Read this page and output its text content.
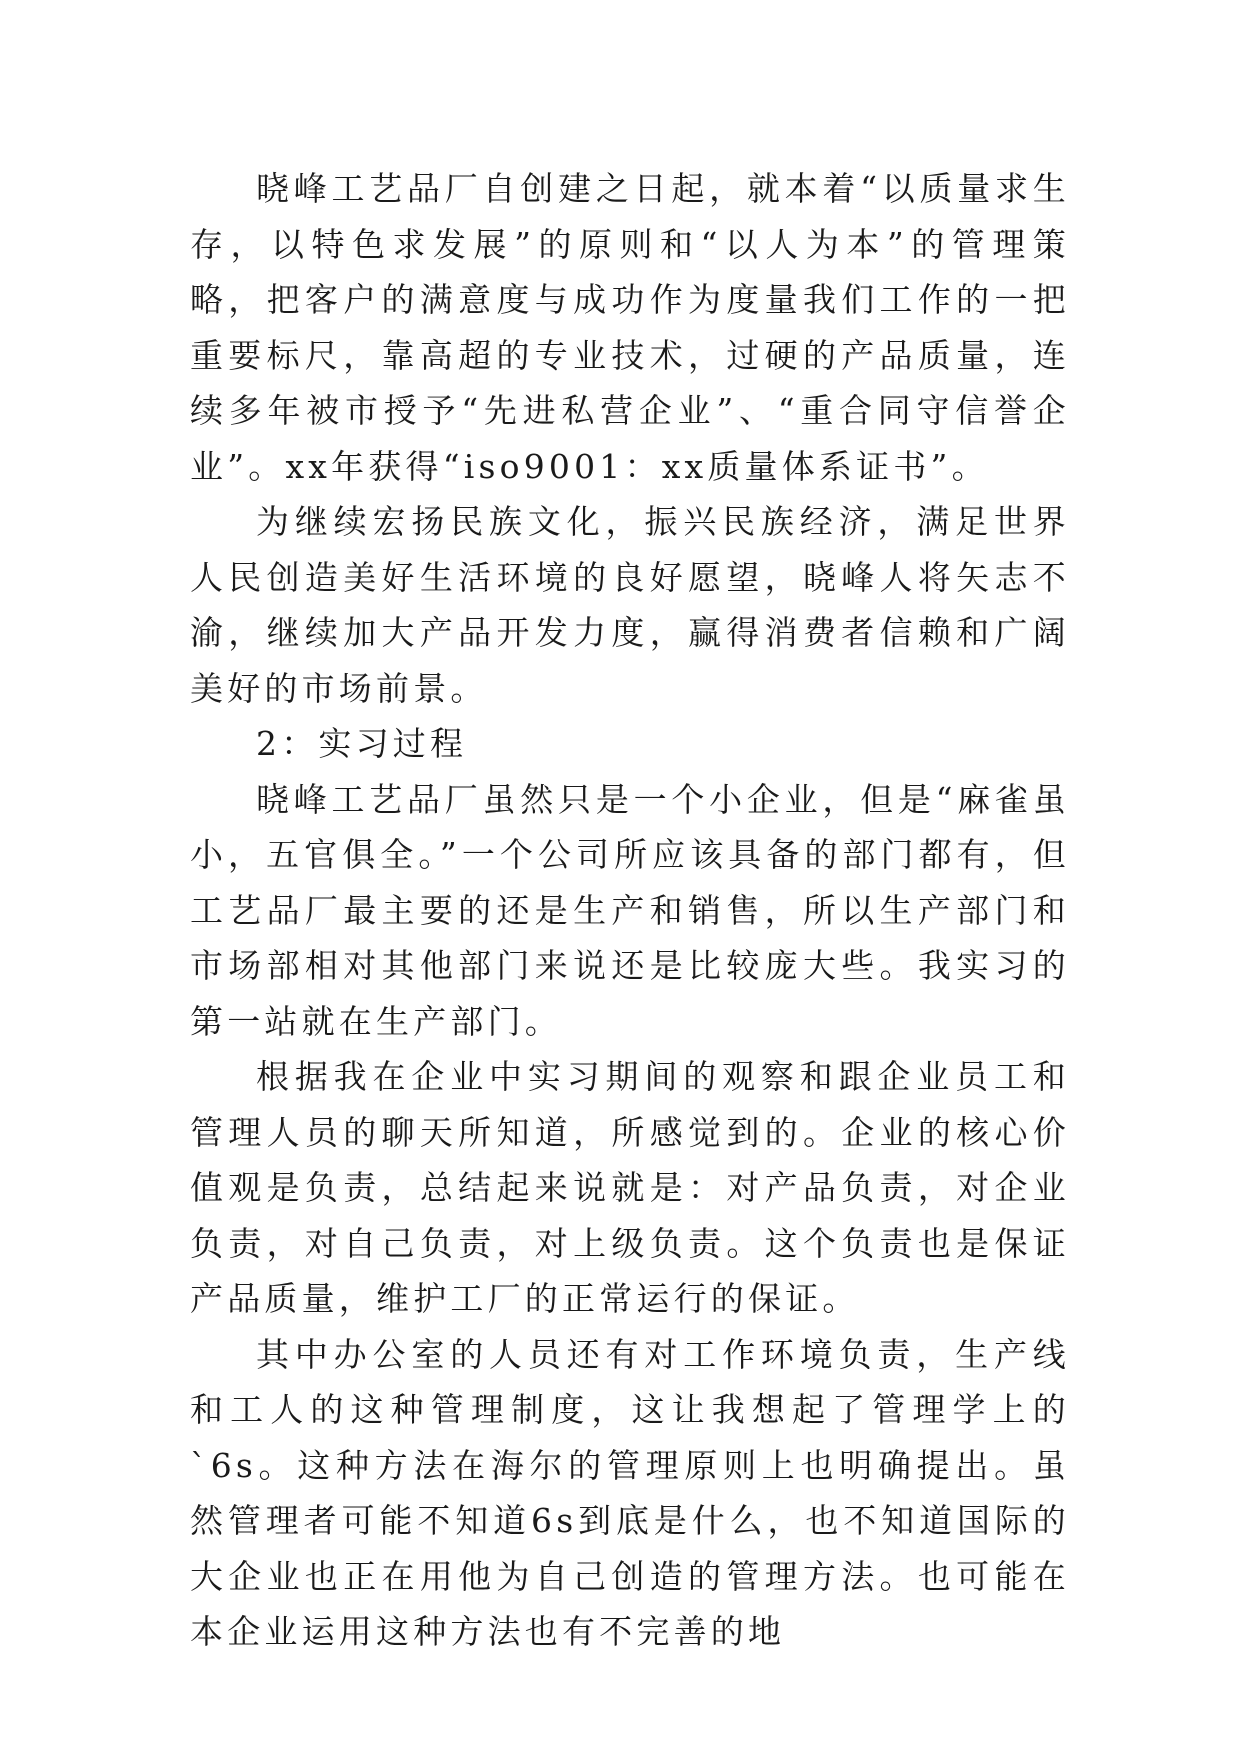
晓峰工艺品厂自创建之日起，就本着“以质量求生存，以特色求发展”的原则和“以人为本”的管理策略，把客户的满意度与成功作为度量我们工作的一把重要标尺，靠高超的专业技术，过硬的产品质量，连续多年被市授予“先进私营企业”、“重合同守信誉企业”。xx年获得“iso9001：xx质量体系证书”。

为继续宏扬民族文化，振兴民族经济，满足世界人民创造美好生活环境的良好愿望，晓峰人将矢志不渝，继续加大产品开发力度，赢得消费者信赖和广阔美好的市场前景。

2：实习过程

晓峰工艺品厂虽然只是一个小企业，但是“麻雀虽小，五官俱全。”一个公司所应该具备的部门都有，但工艺品厂最主要的还是生产和销售，所以生产部门和市场部相对其他部门来说还是比较庞大些。我实习的第一站就在生产部门。

根据我在企业中实习期间的观察和跟企业员工和管理人员的聊天所知道，所感觉到的。企业的核心价值观是负责，总结起来说就是：对产品负责，对企业负责，对自己负责，对上级负责。这个负责也是保证产品质量，维护工厂的正常运行的保证。

其中办公室的人员还有对工作环境负责，生产线和工人的这种管理制度，这让我想起了管理学上的`6s。这种方法在海尔的管理原则上也明确提出。虽然管理者可能不知道6s到底是什么，也不知道国际的大企业也正在用他为自己创造的管理方法。也可能在本企业运用这种方法也有不完善的地
